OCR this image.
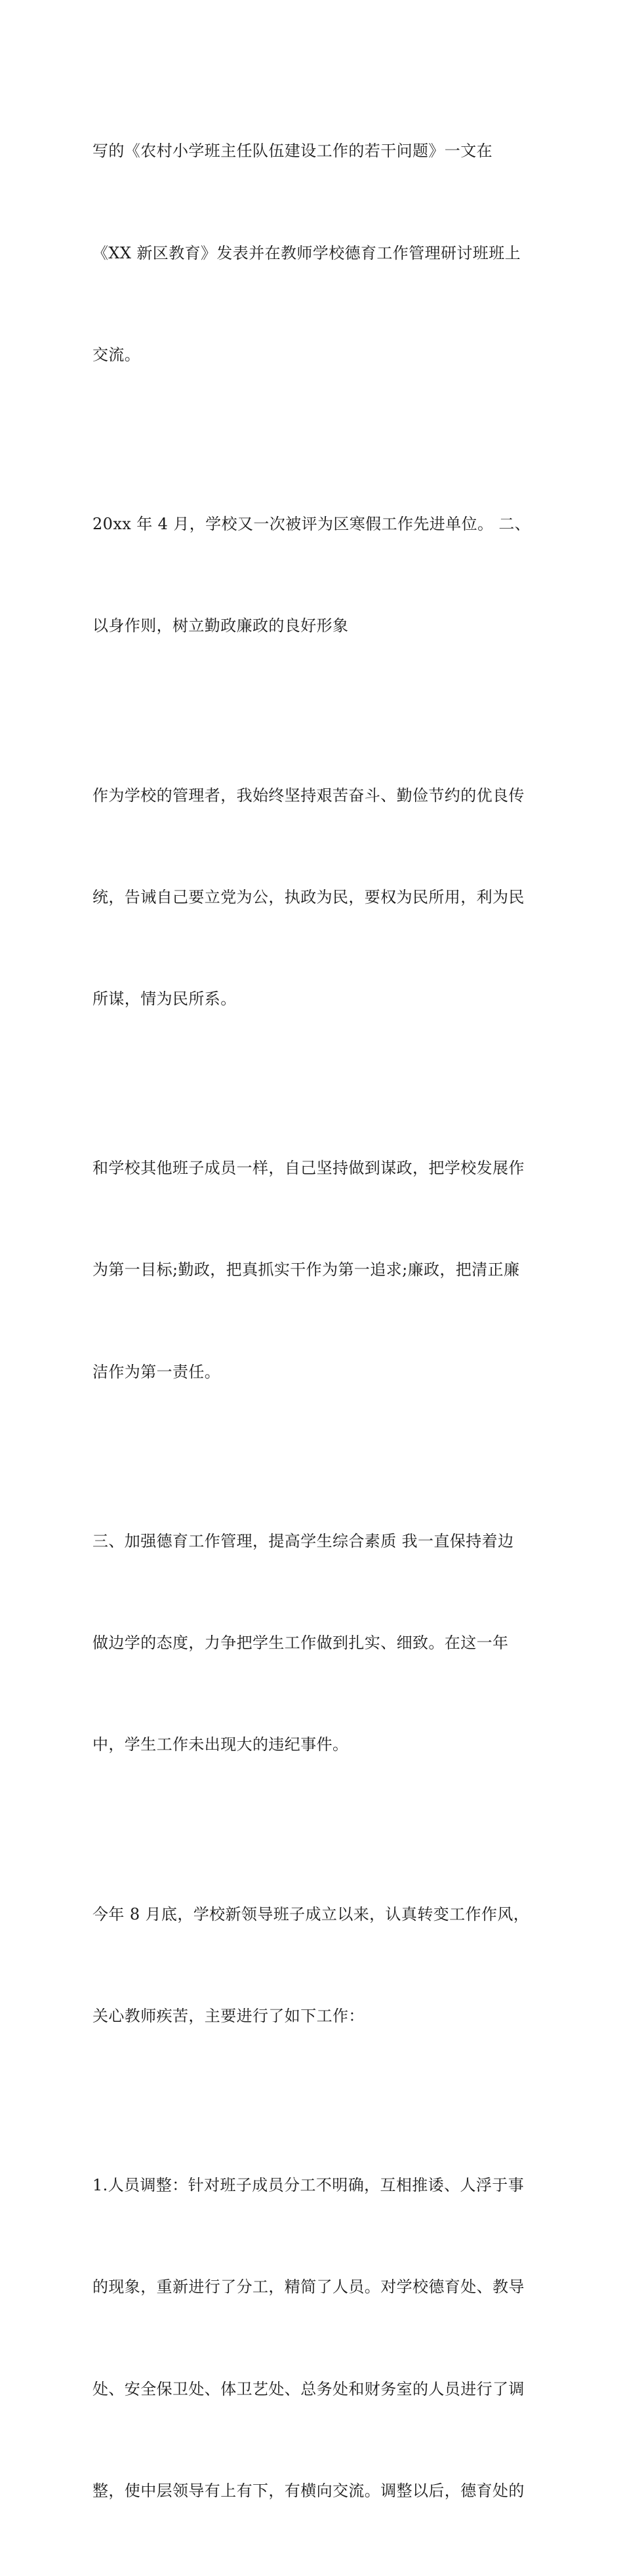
写的《农村小学班主任队伍建设工作的若干问题》一文在

《XX 新区教育》发表并在教师学校德育工作管理研讨班班上

交流。

20xx 年 4 月，学校又一次被评为区寒假工作先进单位。 二、

以身作则，树立勤政廉政的良好形象

作为学校的管理者，我始终坚持艰苦奋斗、勤俭节约的优良传

统，告诫自己要立党为公，执政为民，要权为民所用，利为民

所谋，情为民所系。

和学校其他班子成员一样，自己坚持做到谋政，把学校发展作

为第一目标;勤政，把真抓实干作为第一追求;廉政，把清正廉

洁作为第一责任。

三、加强德育工作管理，提高学生综合素质 我一直保持着边

做边学的态度，力争把学生工作做到扎实、细致。在这一年

中，学生工作未出现大的违纪事件。

今年 8 月底，学校新领导班子成立以来，认真转变工作作风，

关心教师疾苦，主要进行了如下工作：

1.人员调整：针对班子成员分工不明确，互相推诿、人浮于事

的现象，重新进行了分工，精简了人员。对学校德育处、教导

处、安全保卫处、体卫艺处、总务处和财务室的人员进行了调

整，使中层领导有上有下，有横向交流。调整以后，德育处的
